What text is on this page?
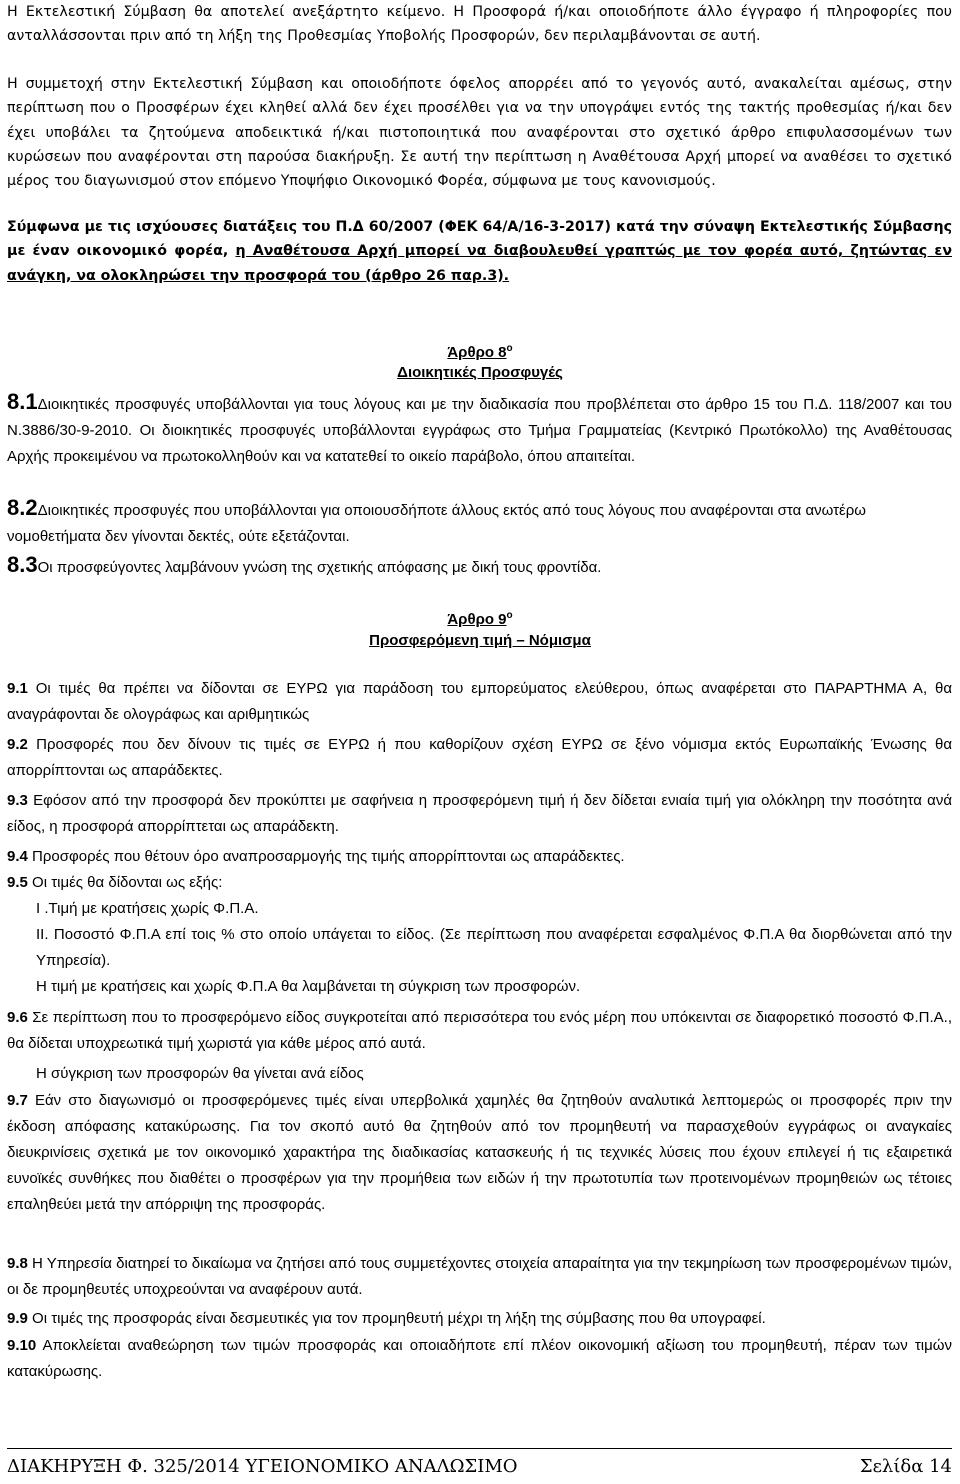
Η Εκτελεστική Σύμβαση θα αποτελεί ανεξάρτητο κείμενο. Η Προσφορά ή/και οποιοδήποτε άλλο έγγραφο ή πληροφορίες που ανταλλάσσονται πριν από τη λήξη της Προθεσμίας Υποβολής Προσφορών, δεν περιλαμβάνονται σε αυτή.
Η συμμετοχή στην Εκτελεστική Σύμβαση και οποιοδήποτε όφελος απορρέει από το γεγονός αυτό, ανακαλείται αμέσως, στην περίπτωση που ο Προσφέρων έχει κληθεί αλλά δεν έχει προσέλθει για να την υπογράψει εντός της τακτής προθεσμίας ή/και δεν έχει υποβάλει τα ζητούμενα αποδεικτικά ή/και πιστοποιητικά που αναφέρονται στο σχετικό άρθρο επιφυλασσομένων των κυρώσεων που αναφέρονται στη παρούσα διακήρυξη. Σε αυτή την περίπτωση η Αναθέτουσα Αρχή μπορεί να αναθέσει το σχετικό μέρος του διαγωνισμού στον επόμενο Υποψήφιο Οικονομικό Φορέα, σύμφωνα με τους κανονισμούς.
Σύμφωνα με τις ισχύουσες διατάξεις του Π.Δ 60/2007 (ΦΕΚ 64/Α/16-3-2017) κατά την σύναψη Εκτελεστικής Σύμβασης με έναν οικονομικό φορέα, η Αναθέτουσα Αρχή μπορεί να διαβουλευθεί γραπτώς με τον φορέα αυτό, ζητώντας εν ανάγκη, να ολοκληρώσει την προσφορά του (άρθρο 26 παρ.3).
Άρθρο $8^o$
Διοικητικές Προσφυγές
8.1Διοικητικές προσφυγές υποβάλλονται για τους λόγους και με την διαδικασία που προβλέπεται στο άρθρο 15 του Π.Δ. 118/2007 και του Ν.3886/30-9-2010. Οι διοικητικές προσφυγές υποβάλλονται εγγράφως στο Τμήμα Γραμματείας (Κεντρικό Πρωτόκολλο) της Αναθέτουσας Αρχής προκειμένου να πρωτοκολληθούν και να κατατεθεί το οικείο παράβολο, όπου απαιτείται.
8.2Διοικητικές προσφυγές που υποβάλλονται για οποιουσδήποτε άλλους εκτός από τους λόγους που αναφέρονται στα ανωτέρω νομοθετήματα δεν γίνονται δεκτές, ούτε εξετάζονται.
8.3Οι προσφεύγοντες λαμβάνουν γνώση της σχετικής απόφασης με δική τους φροντίδα.
Άρθρο $9^o$
Προσφερόμενη τιμή – Νόμισμα
9.1 Οι τιμές θα πρέπει να δίδονται σε ΕΥΡΩ για παράδοση του εμπορεύματος ελεύθερου, όπως αναφέρεται στο ΠΑΡΑΡΤΗΜΑ Α, θα αναγράφονται δε ολογράφως και αριθμητικώς
9.2 Προσφορές που δεν δίνουν τις τιμές σε ΕΥΡΩ ή που καθορίζουν σχέση ΕΥΡΩ σε ξένο νόμισμα εκτός Ευρωπαϊκής Ένωσης θα απορρίπτονται ως απαράδεκτες.
9.3 Εφόσον από την προσφορά δεν προκύπτει με σαφήνεια η προσφερόμενη τιμή ή δεν δίδεται ενιαία τιμή για ολόκληρη την ποσότητα ανά είδος, η προσφορά απορρίπτεται ως απαράδεκτη.
9.4 Προσφορές που θέτουν όρο αναπροσαρμογής της τιμής απορρίπτονται ως απαράδεκτες.
9.5 Οι τιμές θα δίδονται ως εξής:
Ι .Τιμή με κρατήσεις χωρίς Φ.Π.Α.
ΙΙ. Ποσοστό Φ.Π.Α επί τοις % στο οποίο υπάγεται το είδος. (Σε περίπτωση που αναφέρεται εσφαλμένος Φ.Π.Α θα διορθώνεται από την Υπηρεσία).
Η τιμή με κρατήσεις και χωρίς Φ.Π.Α θα λαμβάνεται τη σύγκριση των προσφορών.
9.6 Σε περίπτωση που το προσφερόμενο είδος συγκροτείται από περισσότερα του ενός μέρη που υπόκεινται σε διαφορετικό ποσοστό Φ.Π.Α., θα δίδεται υποχρεωτικά τιμή χωριστά για κάθε μέρος από αυτά.
Η σύγκριση των προσφορών θα γίνεται ανά είδος
9.7 Εάν στο διαγωνισμό οι προσφερόμενες τιμές είναι υπερβολικά χαμηλές θα ζητηθούν αναλυτικά λεπτομερώς οι προσφορές πριν την έκδοση απόφασης κατακύρωσης. Για τον σκοπό αυτό θα ζητηθούν από τον προμηθευτή να παρασχεθούν εγγράφως οι αναγκαίες διευκρινίσεις σχετικά με τον οικονομικό χαρακτήρα της διαδικασίας κατασκευής ή τις τεχνικές λύσεις που έχουν επιλεγεί ή τις εξαιρετικά ευνοϊκές συνθήκες που διαθέτει ο προσφέρων για την προμήθεια των ειδών ή την πρωτοτυπία των προτεινομένων προμηθειών ως τέτοιες επαληθεύει μετά την απόρριψη της προσφοράς.
9.8 Η Υπηρεσία διατηρεί το δικαίωμα να ζητήσει από τους συμμετέχοντες στοιχεία απαραίτητα για την τεκμηρίωση των προσφερομένων τιμών, οι δε προμηθευτές υποχρεούνται να αναφέρουν αυτά.
9.9 Οι τιμές της προσφοράς είναι δεσμευτικές για τον προμηθευτή μέχρι τη λήξη της σύμβασης που θα υπογραφεί.
9.10 Αποκλείεται αναθεώρηση των τιμών προσφοράς και οποιαδήποτε επί πλέον οικονομική αξίωση του προμηθευτή, πέραν των τιμών κατακύρωσης.
ΔΙΑΚΗΡΥΞΗ Φ. 325/2014 ΥΓΕΙΟΝΟΜΙΚΟ ΑΝΑΛΩΣΙΜΟ	Σελίδα 14
